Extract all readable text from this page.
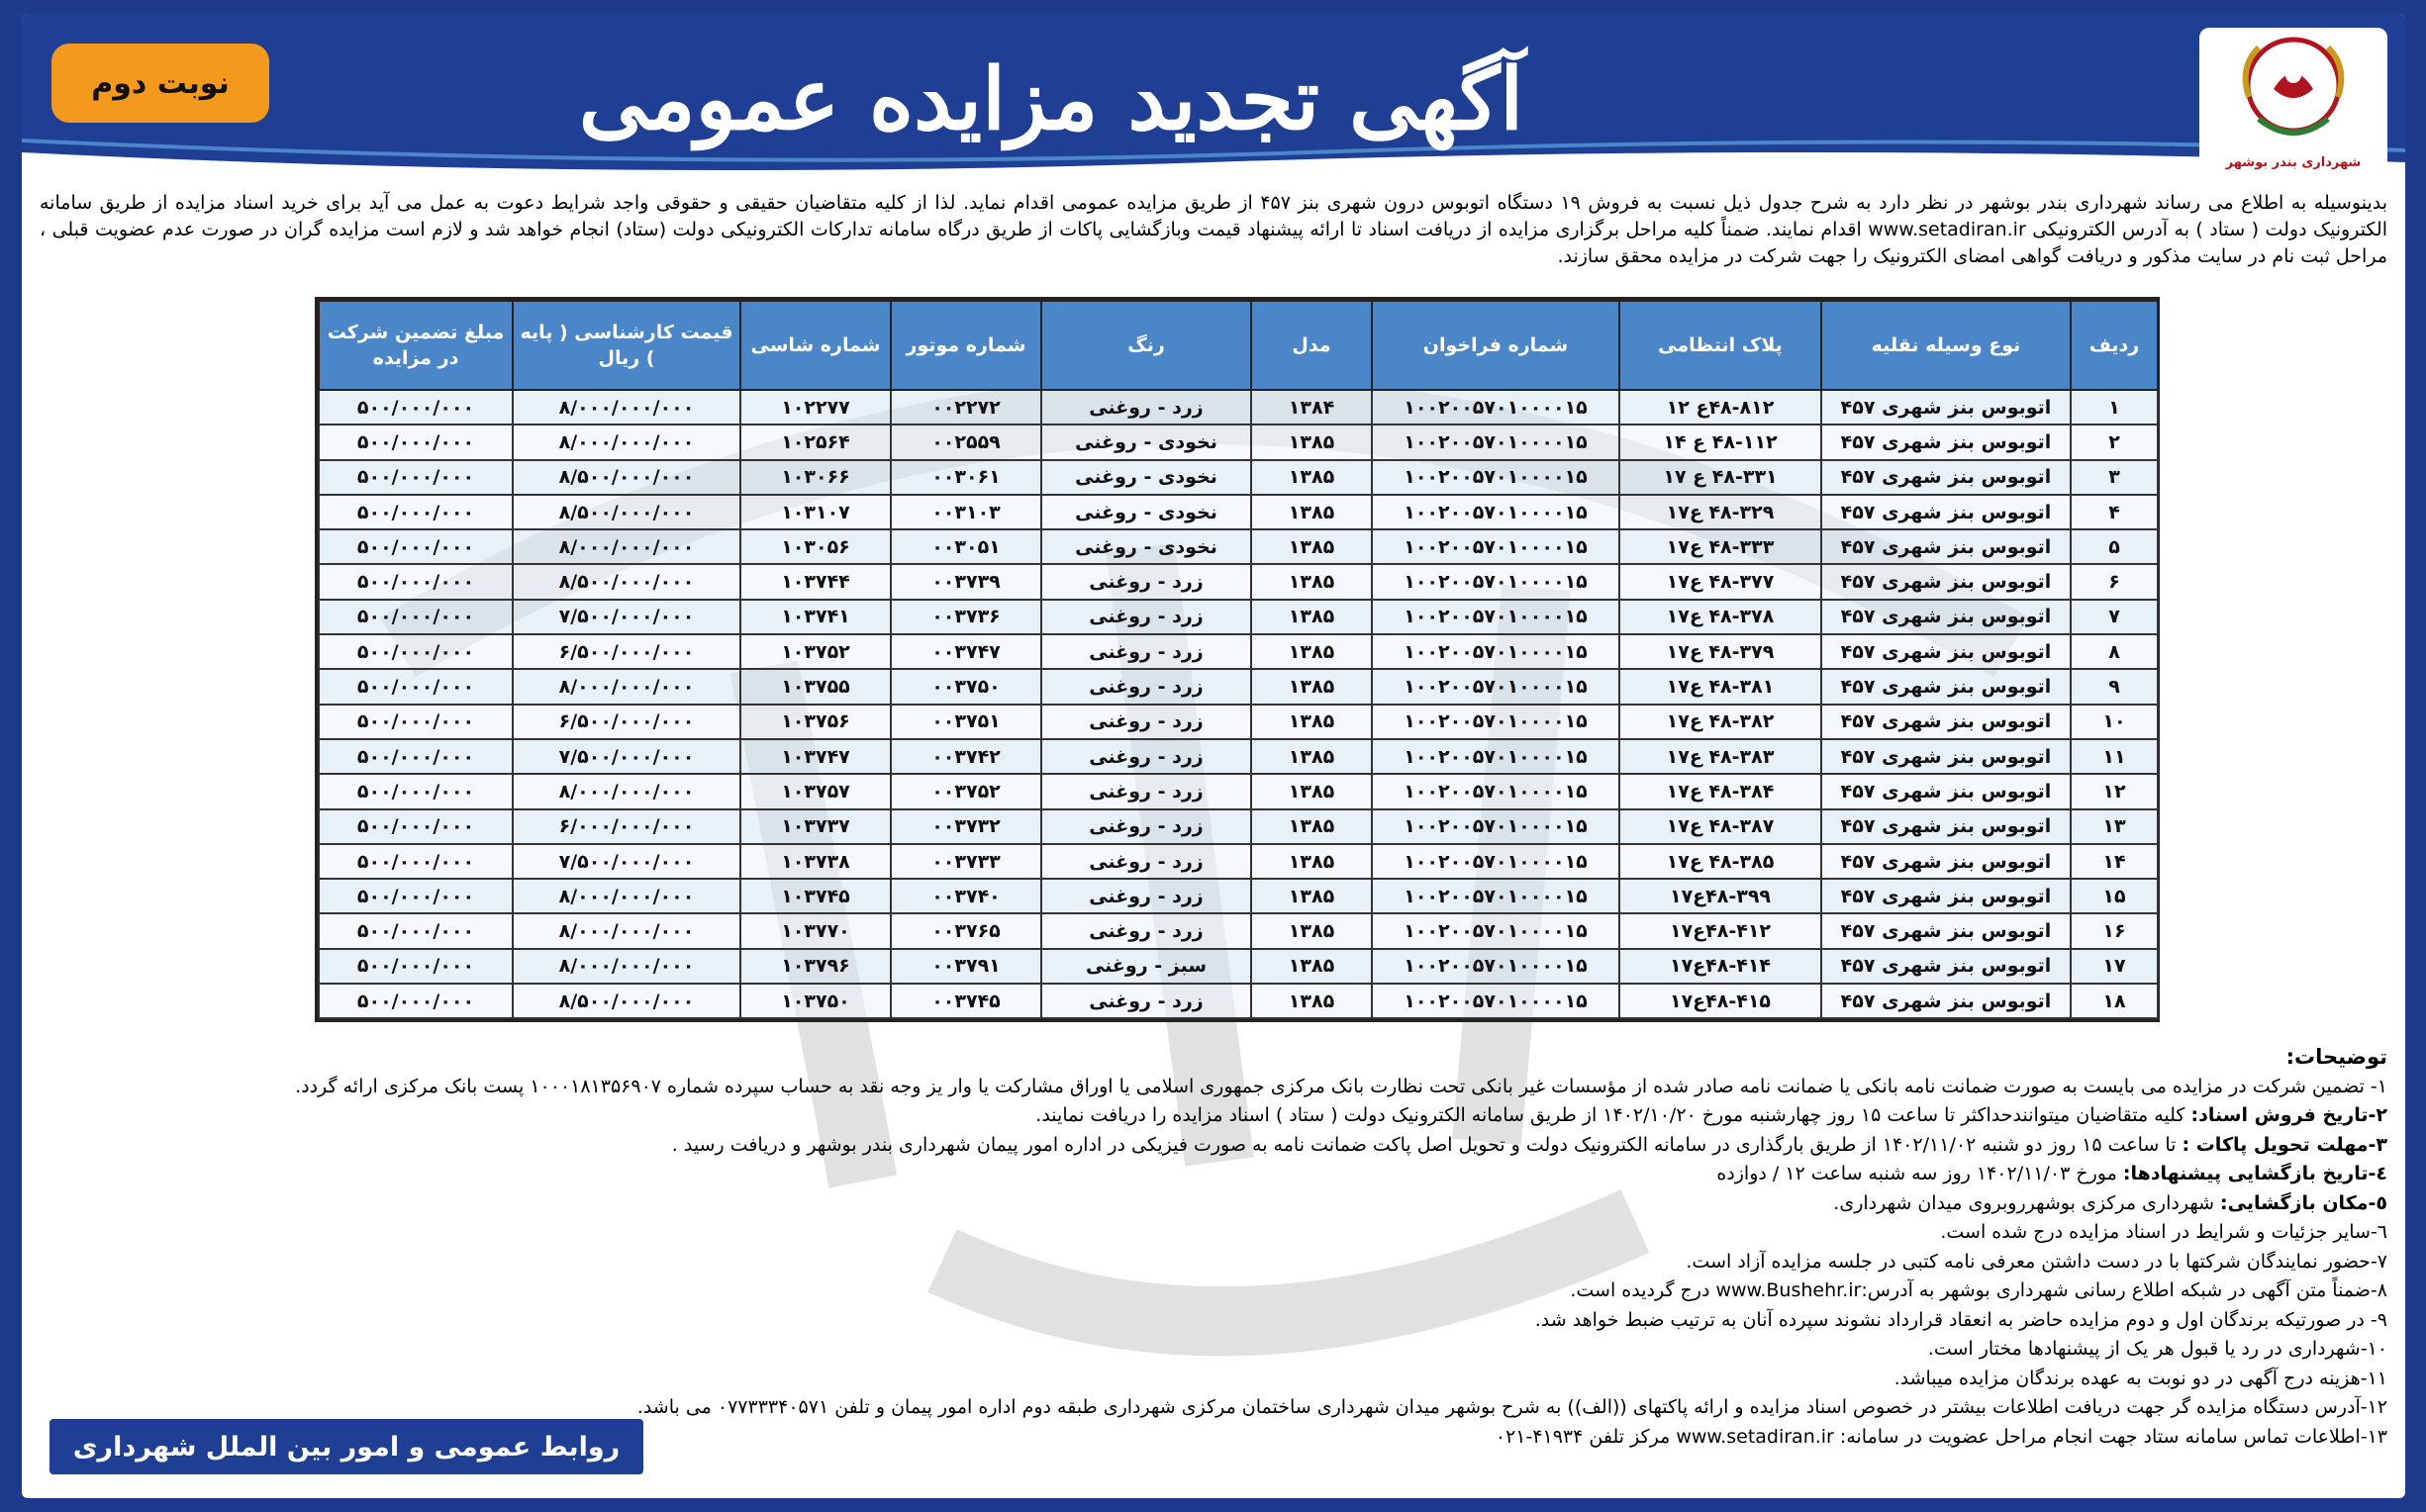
نوبت دوم	آگهی تجدید مزایده عمومی
شهرداری بندر بوشهر
بدینوسیله به اطلاع می رساند شهرداری بندر بوشهر در نظر دارد به شرح جدول ذیل نسبت به فروش ۱۹ دستگاه اتوبوس درون شهری بنز ۴۵۷ از طریق مزایده عمومی اقدام نماید. لذا از کلیه متقاضیان حقیقی و حقوقی واجد شرایط دعوت به عمل می آید برای خرید اسناد مزایده از طریق سامانه الکترونیک دولت ( ستاد ) به آدرس الکترونیکی www.setadiran.ir اقدام نمایند. ضمناً کلیه مراحل برگزاری مزایده از دریافت اسناد تا ارائه پیشنهاد قیمت وبازگشایی پاکات از طریق درگاه سامانه تدارکات الکترونیکی دولت (ستاد) انجام خواهد شد و لازم است مزایده گران در صورت عدم عضویت قبلی ، مراحل ثبت نام در سایت مذکور و دریافت گواهی امضای الکترونیک را جهت شرکت در مزایده محقق سازند.
ردیف	نوع وسیله نقلیه	پلاک انتظامی	شماره فراخوان	مدل	رنگ	شماره موتور	شماره شاسی	قیمت کارشناسی ( پایه ) ریال	مبلغ تضمین شرکت در مزایده
۱	اتوبوس بنز شهری ۴۵۷	۴۸-۸۱۲ع ۱۲	۱۰۰۲۰۰۵۷۰۱۰۰۰۰۱۵	۱۳۸۴	زرد - روغنی	۰۰۲۲۷۲	۱۰۲۲۷۷	۸/۰۰۰/۰۰۰/۰۰۰	۵۰۰/۰۰۰/۰۰۰
۲	اتوبوس بنز شهری ۴۵۷	۴۸-۱۱۲ ع ۱۴	۱۰۰۲۰۰۵۷۰۱۰۰۰۰۱۵	۱۳۸۵	نخودی - روغنی	۰۰۲۵۵۹	۱۰۲۵۶۴	۸/۰۰۰/۰۰۰/۰۰۰	۵۰۰/۰۰۰/۰۰۰
۳	اتوبوس بنز شهری ۴۵۷	۴۸-۳۳۱ ع ۱۷	۱۰۰۲۰۰۵۷۰۱۰۰۰۰۱۵	۱۳۸۵	نخودی - روغنی	۰۰۳۰۶۱	۱۰۳۰۶۶	۸/۵۰۰/۰۰۰/۰۰۰	۵۰۰/۰۰۰/۰۰۰
۴	اتوبوس بنز شهری ۴۵۷	۴۸-۳۲۹ ع۱۷	۱۰۰۲۰۰۵۷۰۱۰۰۰۰۱۵	۱۳۸۵	نخودی - روغنی	۰۰۳۱۰۳	۱۰۳۱۰۷	۸/۵۰۰/۰۰۰/۰۰۰	۵۰۰/۰۰۰/۰۰۰
۵	اتوبوس بنز شهری ۴۵۷	۴۸-۳۳۳ ع۱۷	۱۰۰۲۰۰۵۷۰۱۰۰۰۰۱۵	۱۳۸۵	نخودی - روغنی	۰۰۳۰۵۱	۱۰۳۰۵۶	۸/۰۰۰/۰۰۰/۰۰۰	۵۰۰/۰۰۰/۰۰۰
۶	اتوبوس بنز شهری ۴۵۷	۴۸-۳۷۷ ع۱۷	۱۰۰۲۰۰۵۷۰۱۰۰۰۰۱۵	۱۳۸۵	زرد - روغنی	۰۰۳۷۳۹	۱۰۳۷۴۴	۸/۵۰۰/۰۰۰/۰۰۰	۵۰۰/۰۰۰/۰۰۰
۷	اتوبوس بنز شهری ۴۵۷	۴۸-۳۷۸ ع۱۷	۱۰۰۲۰۰۵۷۰۱۰۰۰۰۱۵	۱۳۸۵	زرد - روغنی	۰۰۳۷۳۶	۱۰۳۷۴۱	۷/۵۰۰/۰۰۰/۰۰۰	۵۰۰/۰۰۰/۰۰۰
۸	اتوبوس بنز شهری ۴۵۷	۴۸-۳۷۹ ع۱۷	۱۰۰۲۰۰۵۷۰۱۰۰۰۰۱۵	۱۳۸۵	زرد - روغنی	۰۰۳۷۴۷	۱۰۳۷۵۲	۶/۵۰۰/۰۰۰/۰۰۰	۵۰۰/۰۰۰/۰۰۰
۹	اتوبوس بنز شهری ۴۵۷	۴۸-۳۸۱ ع۱۷	۱۰۰۲۰۰۵۷۰۱۰۰۰۰۱۵	۱۳۸۵	زرد - روغنی	۰۰۳۷۵۰	۱۰۳۷۵۵	۸/۰۰۰/۰۰۰/۰۰۰	۵۰۰/۰۰۰/۰۰۰
۱۰	اتوبوس بنز شهری ۴۵۷	۴۸-۳۸۲ ع۱۷	۱۰۰۲۰۰۵۷۰۱۰۰۰۰۱۵	۱۳۸۵	زرد - روغنی	۰۰۳۷۵۱	۱۰۳۷۵۶	۶/۵۰۰/۰۰۰/۰۰۰	۵۰۰/۰۰۰/۰۰۰
۱۱	اتوبوس بنز شهری ۴۵۷	۴۸-۳۸۳ ع۱۷	۱۰۰۲۰۰۵۷۰۱۰۰۰۰۱۵	۱۳۸۵	زرد - روغنی	۰۰۳۷۴۲	۱۰۳۷۴۷	۷/۵۰۰/۰۰۰/۰۰۰	۵۰۰/۰۰۰/۰۰۰
۱۲	اتوبوس بنز شهری ۴۵۷	۴۸-۳۸۴ ع۱۷	۱۰۰۲۰۰۵۷۰۱۰۰۰۰۱۵	۱۳۸۵	زرد - روغنی	۰۰۳۷۵۲	۱۰۳۷۵۷	۸/۰۰۰/۰۰۰/۰۰۰	۵۰۰/۰۰۰/۰۰۰
۱۳	اتوبوس بنز شهری ۴۵۷	۴۸-۳۸۷ ع۱۷	۱۰۰۲۰۰۵۷۰۱۰۰۰۰۱۵	۱۳۸۵	زرد - روغنی	۰۰۳۷۳۲	۱۰۳۷۳۷	۶/۰۰۰/۰۰۰/۰۰۰	۵۰۰/۰۰۰/۰۰۰
۱۴	اتوبوس بنز شهری ۴۵۷	۴۸-۳۸۵ ع۱۷	۱۰۰۲۰۰۵۷۰۱۰۰۰۰۱۵	۱۳۸۵	زرد - روغنی	۰۰۳۷۳۳	۱۰۳۷۳۸	۷/۵۰۰/۰۰۰/۰۰۰	۵۰۰/۰۰۰/۰۰۰
۱۵	اتوبوس بنز شهری ۴۵۷	۴۸-۳۹۹ع۱۷	۱۰۰۲۰۰۵۷۰۱۰۰۰۰۱۵	۱۳۸۵	زرد - روغنی	۰۰۳۷۴۰	۱۰۳۷۴۵	۸/۰۰۰/۰۰۰/۰۰۰	۵۰۰/۰۰۰/۰۰۰
۱۶	اتوبوس بنز شهری ۴۵۷	۴۸-۴۱۲ع۱۷	۱۰۰۲۰۰۵۷۰۱۰۰۰۰۱۵	۱۳۸۵	زرد - روغنی	۰۰۳۷۶۵	۱۰۳۷۷۰	۸/۰۰۰/۰۰۰/۰۰۰	۵۰۰/۰۰۰/۰۰۰
۱۷	اتوبوس بنز شهری ۴۵۷	۴۸-۴۱۴ع۱۷	۱۰۰۲۰۰۵۷۰۱۰۰۰۰۱۵	۱۳۸۵	سبز - روغنی	۰۰۳۷۹۱	۱۰۳۷۹۶	۸/۰۰۰/۰۰۰/۰۰۰	۵۰۰/۰۰۰/۰۰۰
۱۸	اتوبوس بنز شهری ۴۵۷	۴۸-۴۱۵ع۱۷	۱۰۰۲۰۰۵۷۰۱۰۰۰۰۱۵	۱۳۸۵	زرد - روغنی	۰۰۳۷۴۵	۱۰۳۷۵۰	۸/۵۰۰/۰۰۰/۰۰۰	۵۰۰/۰۰۰/۰۰۰
توضیحات:
۱- تضمین شرکت در مزایده می بایست به صورت ضمانت نامه بانکی یا ضمانت نامه صادر شده از مؤسسات غیر بانکی تحت نظارت بانک مرکزی جمهوری اسلامی یا اوراق مشارکت یا وار یز وجه نقد به حساب سپرده شماره ۱۰۰۰۱۸۱۳۵۶۹۰۷ پست بانک مرکزی ارائه گردد.
۲-تاریخ فروش اسناد: کلیه متقاضیان میتوانندحداکثر تا ساعت ۱۵ روز چهارشنبه مورخ ۱۴۰۲/۱۰/۲۰ از طریق سامانه الکترونیک دولت ( ستاد ) اسناد مزایده را دریافت نمایند.
۳-مهلت تحویل پاکات : تا ساعت ۱۵ روز دو شنبه ۱۴۰۲/۱۱/۰۲ از طریق بارگذاری در سامانه الکترونیک دولت و تحویل اصل پاکت ضمانت نامه به صورت فیزیکی در اداره امور پیمان شهرداری بندر بوشهر و دریافت رسید .
٤-تاریخ بازگشایی پیشنهادها: مورخ ۱۴۰۲/۱۱/۰۳ روز سه شنبه ساعت ۱۲ / دوازده
٥-مکان بازگشایی: شهرداری مرکزی بوشهرروبروی میدان شهرداری.
٦-سایر جزئیات و شرایط در اسناد مزایده درج شده است.
۷-حضور نمایندگان شرکتها با در دست داشتن معرفی نامه کتبی در جلسه مزایده آزاد است.
۸-ضمناً متن آگهی در شبکه اطلاع رسانی شهرداری بوشهر به آدرس:www.Bushehr.ir درج گردیده است.
۹- در صورتیکه برندگان اول و دوم مزایده حاضر به انعقاد قرارداد نشوند سپرده آنان به ترتیب ضبط خواهد شد.
۱۰-شهرداری در رد یا قبول هر یک از پیشنهادها مختار است.
۱۱-هزینه درج آگهی در دو نوبت به عهده برندگان مزایده میباشد.
۱۲-آدرس دستگاه مزایده گر جهت دریافت اطلاعات بیشتر در خصوص اسناد مزایده و ارائه پاکتهای ((الف)) به شرح بوشهر میدان شهرداری ساختمان مرکزی شهرداری طبقه دوم اداره امور پیمان و تلفن ۰۷۷۳۳۳۴۰۵۷۱ می باشد.
۱۳-اطلاعات تماس سامانه ستاد جهت انجام مراحل عضویت در سامانه: www.setadiran.ir مرکز تلفن ۴۱۹۳۴-۰۲۱
روابط عمومی و امور بین الملل شهرداری
